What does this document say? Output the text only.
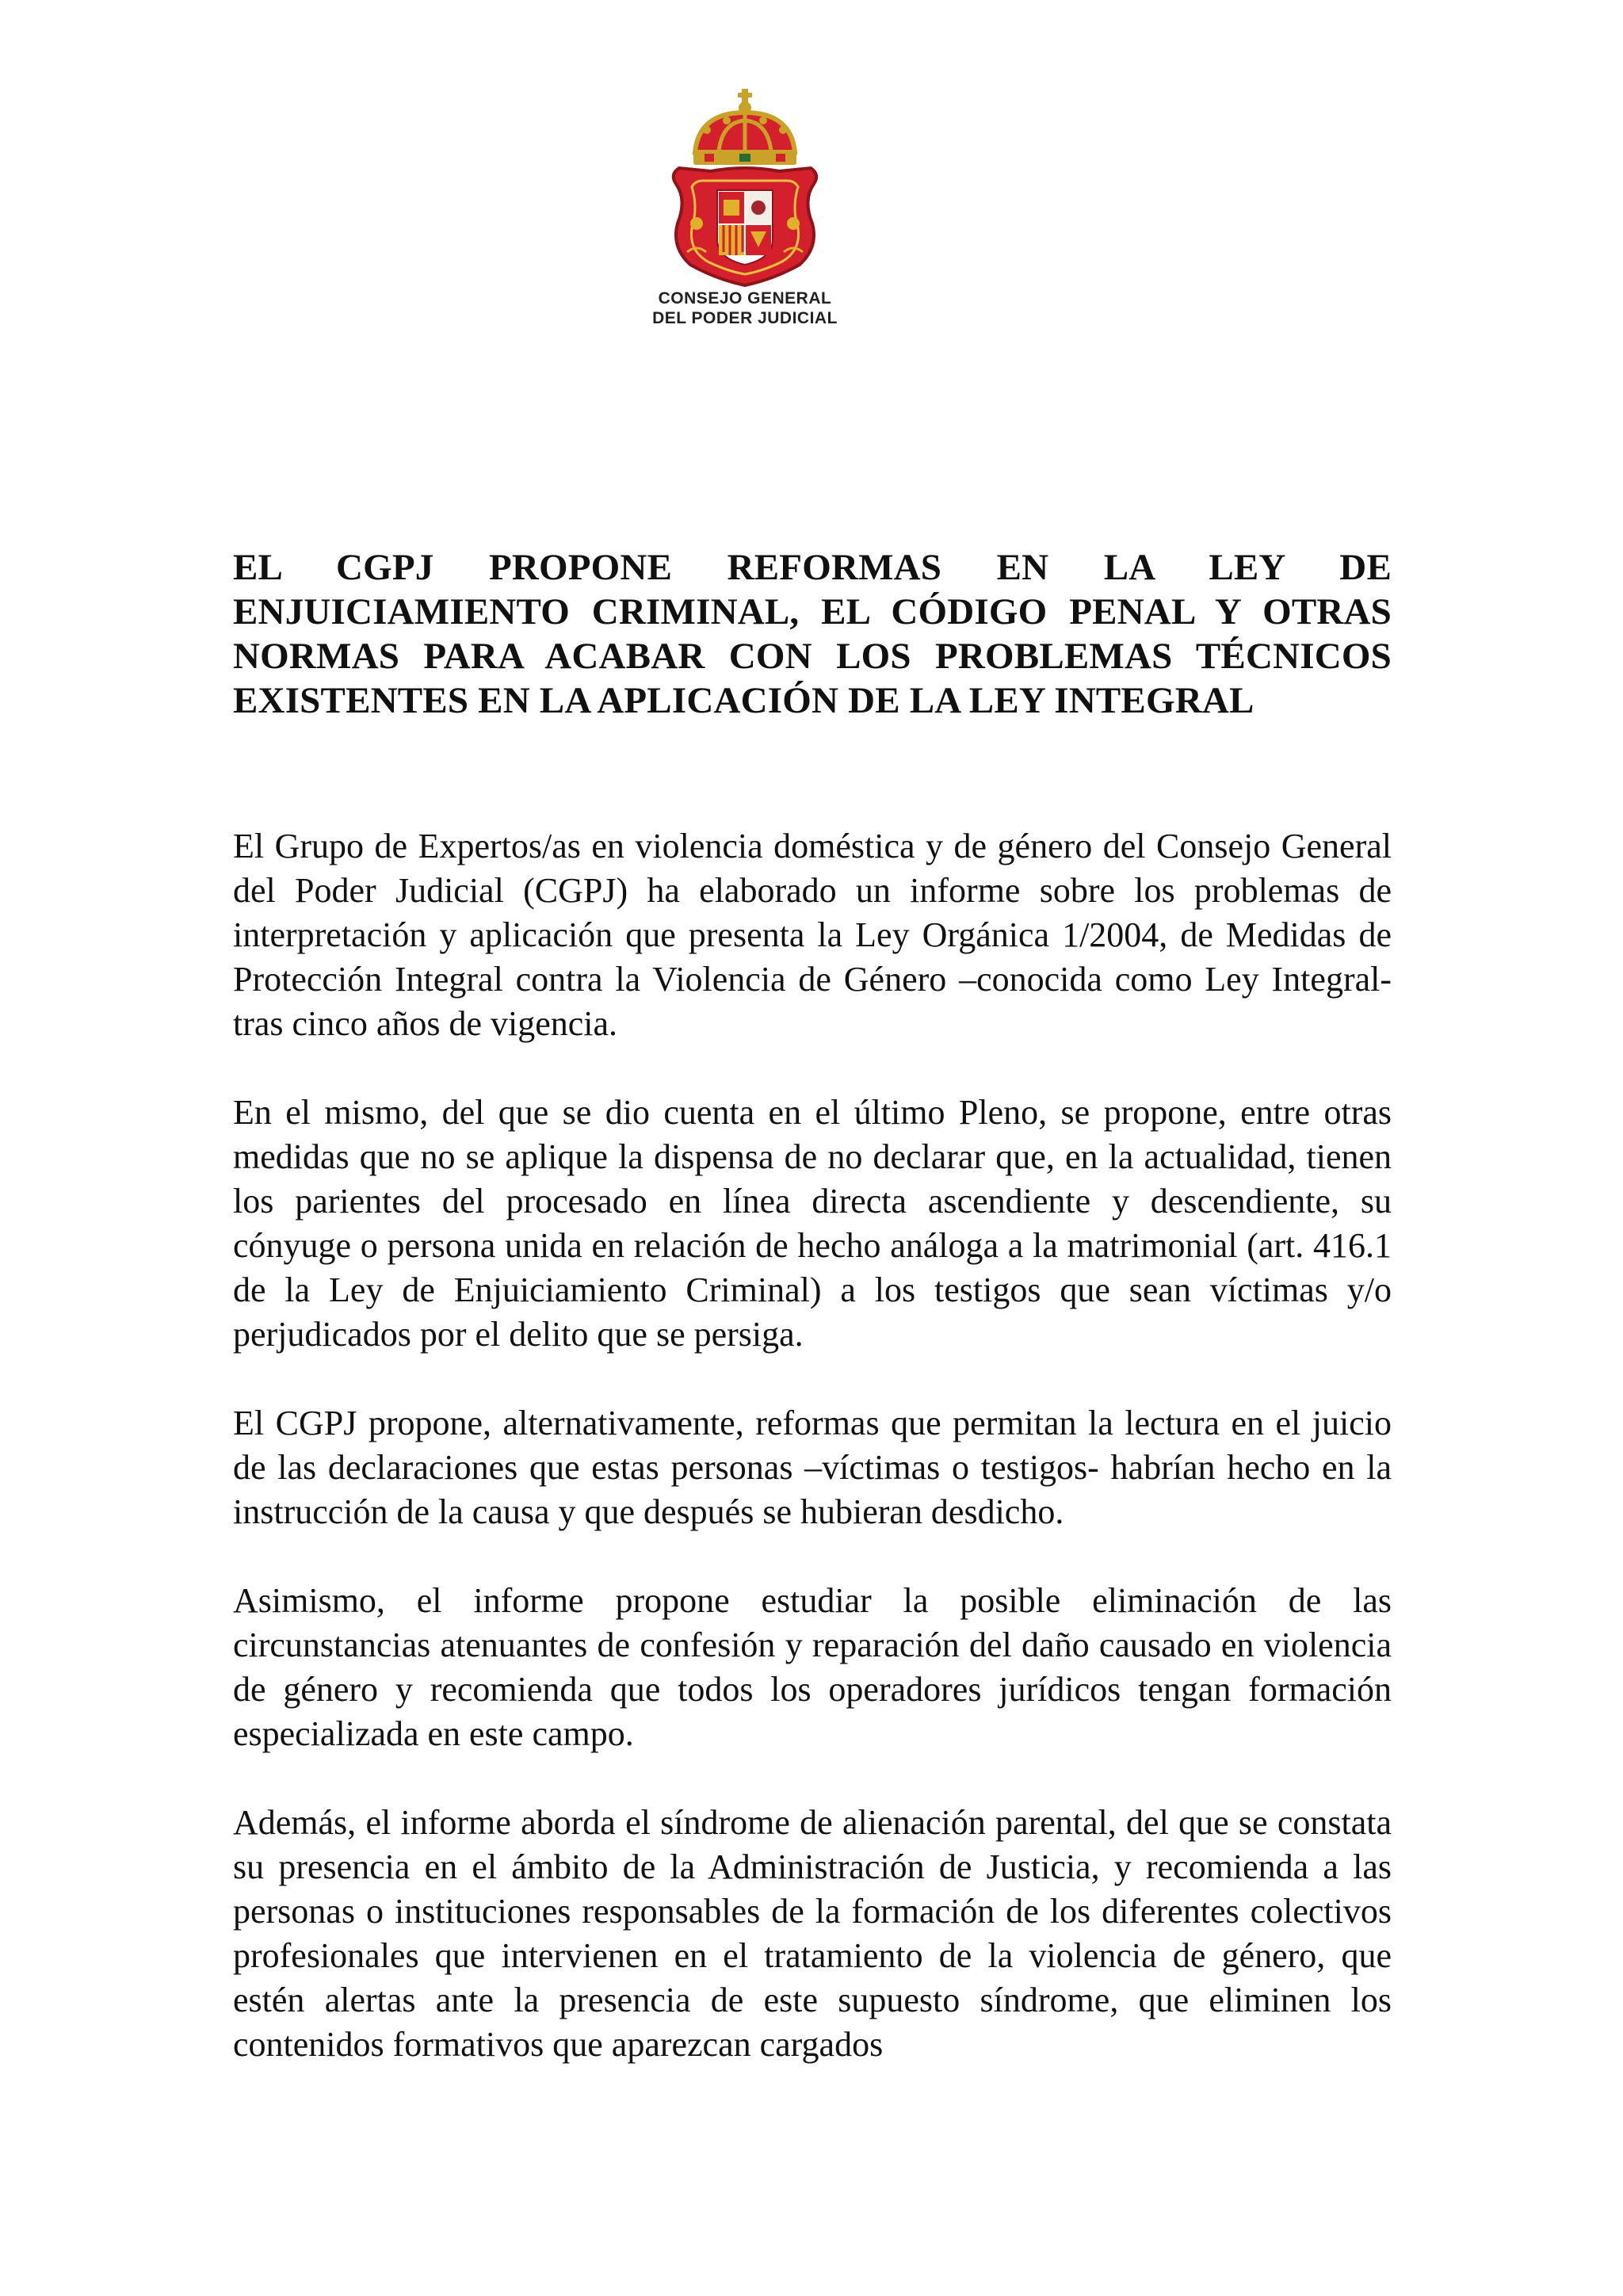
CONSEJO GENERAL
DEL PODER JUDICIAL
EL CGPJ PROPONE REFORMAS EN LA LEY DE ENJUICIAMIENTO CRIMINAL, EL CÓDIGO PENAL Y OTRAS NORMAS PARA ACABAR CON LOS PROBLEMAS TÉCNICOS EXISTENTES EN LA APLICACIÓN DE LA LEY INTEGRAL

El Grupo de Expertos/as en violencia doméstica y de género del Consejo General del Poder Judicial (CGPJ) ha elaborado un informe sobre los problemas de interpretación y aplicación que presenta la Ley Orgánica 1/2004, de Medidas de Protección Integral contra la Violencia de Género –conocida como Ley Integral- tras cinco años de vigencia.

En el mismo, del que se dio cuenta en el último Pleno, se propone, entre otras medidas que no se aplique la dispensa de no declarar que, en la actualidad, tienen los parientes del procesado en línea directa ascendiente y descendiente, su cónyuge o persona unida en relación de hecho análoga a la matrimonial (art. 416.1 de la Ley de Enjuiciamiento Criminal) a los testigos que sean víctimas y/o perjudicados por el delito que se persiga.

El CGPJ propone, alternativamente, reformas que permitan la lectura en el juicio de las declaraciones que estas personas –víctimas o testigos- habrían hecho en la instrucción de la causa y que después se hubieran desdicho.

Asimismo, el informe propone estudiar la posible eliminación de las circunstancias atenuantes de confesión y reparación del daño causado en violencia de género y recomienda que todos los operadores jurídicos tengan formación especializada en este campo.

Además, el informe aborda el síndrome de alienación parental, del que se constata su presencia en el ámbito de la Administración de Justicia, y recomienda a las personas o instituciones responsables de la formación de los diferentes colectivos profesionales que intervienen en el tratamiento de la violencia de género, que estén alertas ante la presencia de este supuesto síndrome, que eliminen los contenidos formativos que aparezcan cargados
